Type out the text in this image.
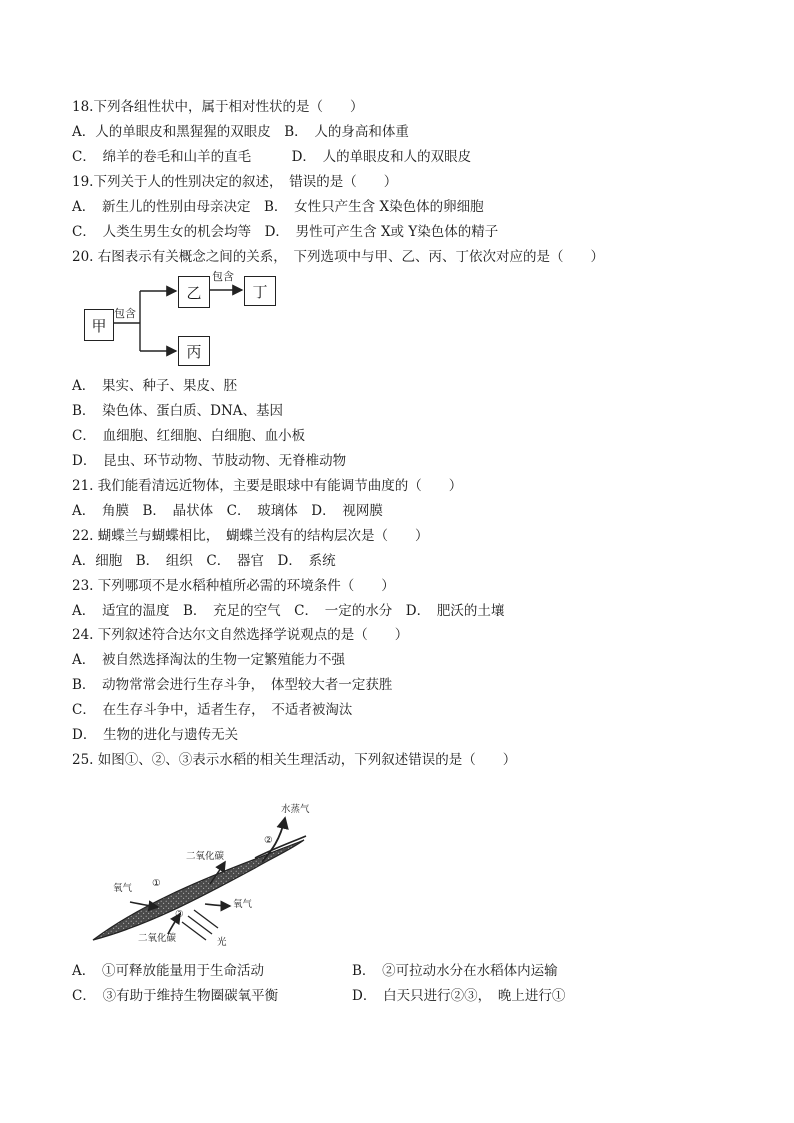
18.下列各组性状中，属于相对性状的是（　　）
A．人的单眼皮和黑猩猩的双眼皮　B．　人的身高和体重
C．　绵羊的卷毛和山羊的直毛　　　D．　人的单眼皮和人的双眼皮
19.下列关于人的性别决定的叙述，　错误的是（　　）
A．　新生儿的性别由母亲决定　B．　女性只产生含 X染色体的卵细胞
C．　人类生男生女的机会均等　D．　男性可产生含 X或 Y染色体的精子
20. 右图表示有关概念之间的关系，　下列选项中与甲、乙、丙、丁依次对应的是（　　）
甲
乙	丁
丙
包含
包含
A．　果实、种子、果皮、胚
B．　染色体、蛋白质、DNA、基因
C．　血细胞、红细胞、白细胞、血小板
D．　昆虫、环节动物、节肢动物、无脊椎动物
21. 我们能看清远近物体，主要是眼球中有能调节曲度的（　　）
A．　角膜　B．　晶状体　C．　玻璃体　D．　视网膜
22. 蝴蝶兰与蝴蝶相比，　蝴蝶兰没有的结构层次是（　　）
A．细胞　B．　组织　C．　器官　D．　系统
23. 下列哪项不是水稻种植所必需的环境条件（　　）
A．　适宜的温度　B．　充足的空气　C．　一定的水分　D．　肥沃的土壤
24. 下列叙述符合达尔文自然选择学说观点的是（　　）
A．　被自然选择淘汰的生物一定繁殖能力不强
B．　动物常常会进行生存斗争，　体型较大者一定获胜
C．　在生存斗争中，适者生存，　不适者被淘汰
D．　生物的进化与遗传无关
25. 如图①、②、③表示水稻的相关生理活动，下列叙述错误的是（　　）
水蒸气
②
二氧化碳
①
氧气
氧气
③
二氧化碳	光
A．　①可释放能量用于生命活动	B．　②可拉动水分在水稻体内运输
C．　③有助于维持生物圈碳氧平衡	D．　白天只进行②③，　晚上进行①
